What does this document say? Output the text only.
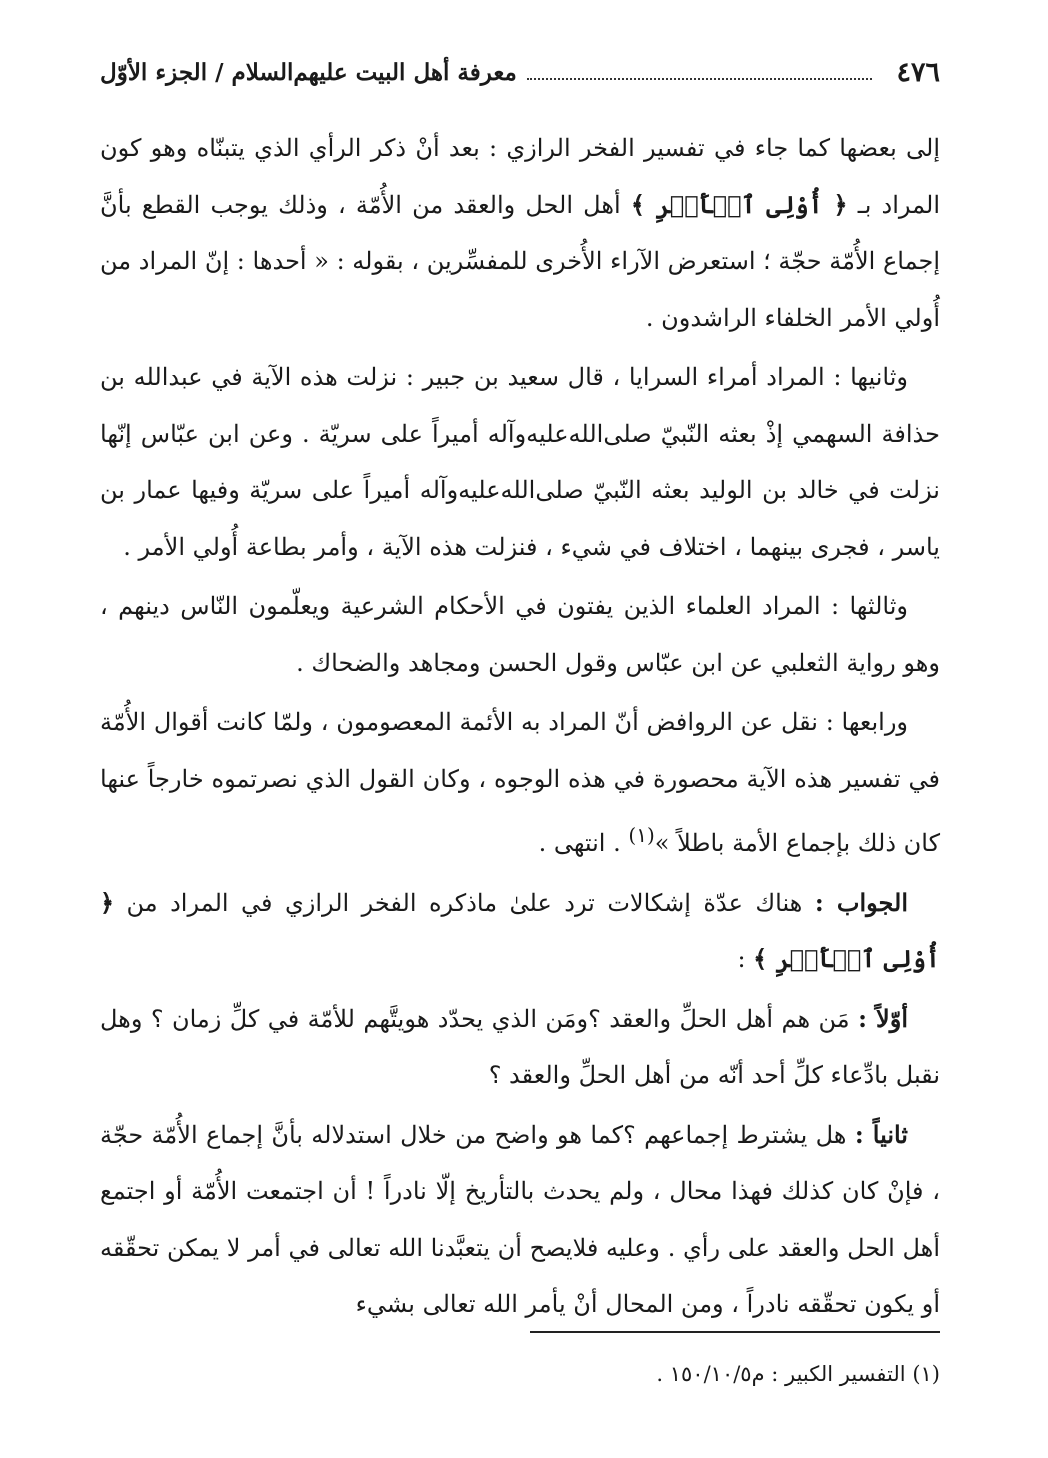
٤٧٦
معرفة أهل البيت عليهم‌السلام / الجزء الأوّل

إلى بعضها كما جاء في تفسير الفخر الرازي : بعد أنْ ذكر الرأي الذي يتبنّاه وهو كون المراد بـ ﴿ أُوْلِى ٱلۡأَمۡرِ ﴾ أهل الحل والعقد من الأُمّة ، وذلك يوجب القطع بأنَّ إجماع الأُمّة حجّة ؛ استعرض الآراء الأُخرى للمفسِّرين ، بقوله : « أحدها : إنّ المراد من أُولي الأمر الخلفاء الراشدون .

وثانيها : المراد أمراء السرايا ، قال سعيد بن جبير : نزلت هذه الآية في عبدالله بن حذافة السهمي إذْ بعثه النّبيّ صلى‌الله‌عليه‌وآله أميراً على سريّة . وعن ابن عبّاس إنّها نزلت في خالد بن الوليد بعثه النّبيّ صلى‌الله‌عليه‌وآله أميراً على سريّة وفيها عمار بن ياسر ، فجرى بينهما ، اختلاف في شيء ، فنزلت هذه الآية ، وأمر بطاعة أُولي الأمر .

وثالثها : المراد العلماء الذين يفتون في الأحكام الشرعية ويعلّمون النّاس دينهم ، وهو رواية الثعلبي عن ابن عبّاس وقول الحسن ومجاهد والضحاك .

ورابعها : نقل عن الروافض أنّ المراد به الأئمة المعصومون ، ولمّا كانت أقوال الأُمّة في تفسير هذه الآية محصورة في هذه الوجوه ، وكان القول الذي نصرتموه خارجاً عنها كان ذلك بإجماع الأمة باطلاً »$^{(١)}$ . انتهى .

الجواب : هناك عدّة إشكالات ترد علىٰ ماذكره الفخر الرازي في المراد من ﴿ أُوْلِى ٱلۡأَمۡرِ ﴾ :

أوّلاً : مَن هم أهل الحلِّ والعقد ؟ومَن الذي يحدّد هويتَّهم للأمّة في كلِّ زمان ؟ وهل نقبل بادِّعاء كلِّ أحد أنّه من أهل الحلِّ والعقد ؟

ثانياً : هل يشترط إجماعهم ؟كما هو واضح من خلال استدلاله بأنَّ إجماع الأُمّة حجّة ، فإنْ كان كذلك فهذا محال ، ولم يحدث بالتأريخ إلّا نادراً ! أن اجتمعت الأُمّة أو اجتمع أهل الحل والعقد على رأي . وعليه فلايصح أن يتعبَّدنا الله تعالى في أمر لا يمكن تحقّقه أو يكون تحقّقه نادراً ، ومن المحال أنْ يأمر الله تعالى بشيء

(١) التفسير الكبير : م١٥٠/١٠/٥ .
